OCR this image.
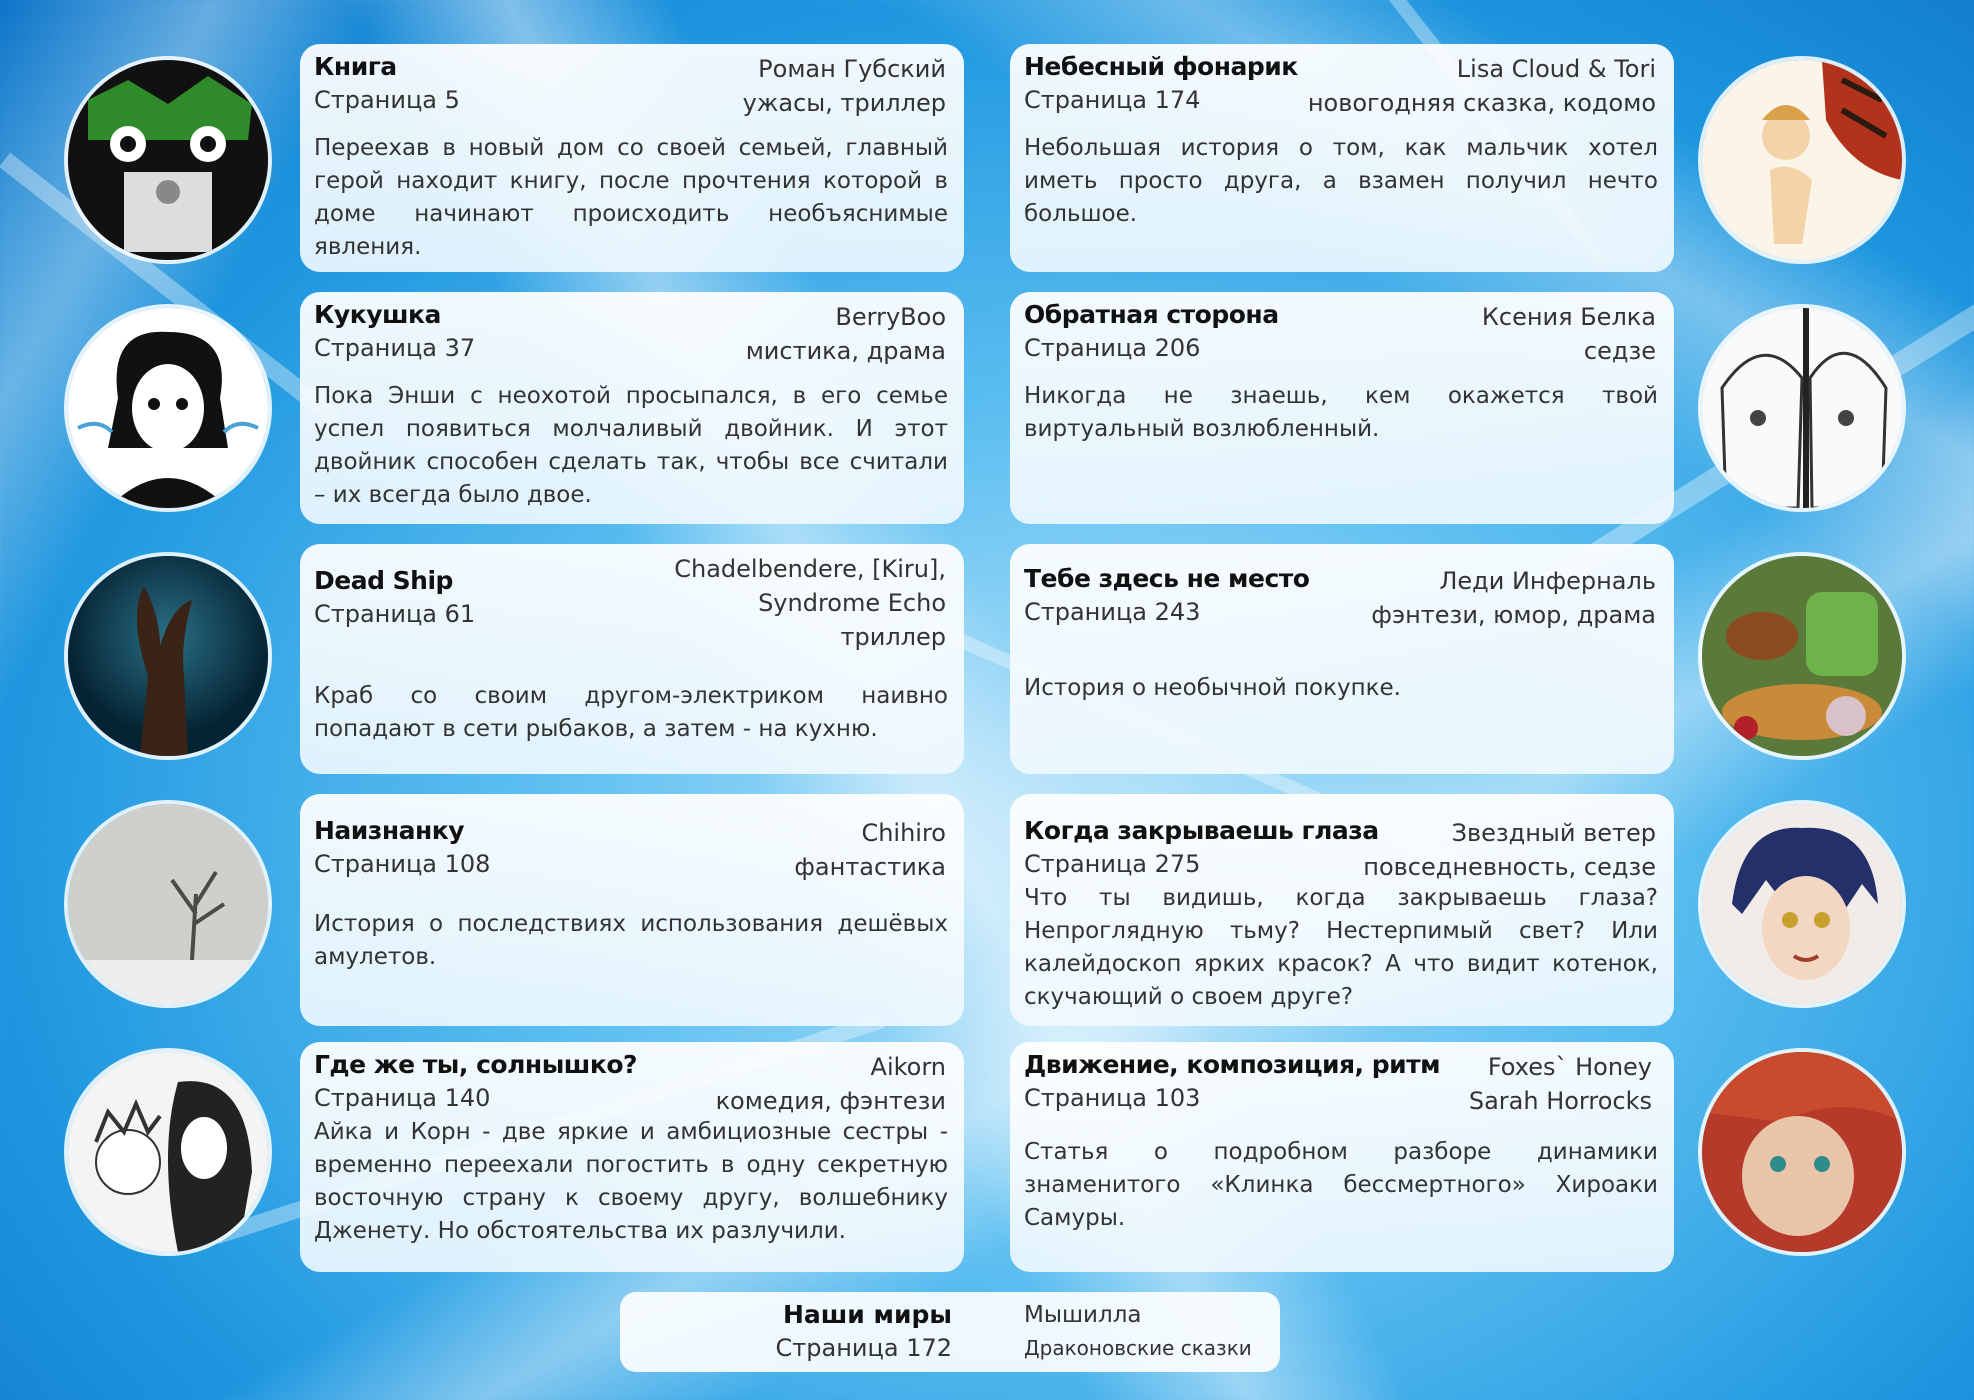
Книга
Страница 5
Роман Губский
ужасы, триллер
Переехав в новый дом со своей семьей, главный герой находит книгу, после прочтения которой в доме начинают происходить необъяснимые явления.
Кукушка
Страница 37
BerryBoo
мистика, драма
Пока Энши с неохотой просыпался, в его семье успел появиться молчаливый двойник. И этот двойник способен сделать так, чтобы все считали – их всегда было двое.
Dead Ship
Страница 61
Chadelbendere, [Kiru],
Syndrome Echo
триллер
Краб со своим другом-электриком наивно попадают в сети рыбаков, а затем - на кухню.
Наизнанку
Страница 108
Chihiro
фантастика
История о последствиях использования дешёвых амулетов.
Где же ты, солнышко?
Страница 140
Aikorn
комедия, фэнтези
Айка и Корн - две яркие и амбициозные сестры - временно переехали погостить в одну секретную восточную страну к своему другу, волшебнику Дженету. Но обстоятельства их разлучили.
Небесный фонарик
Страница 174
Lisa Cloud & Tori
новогодняя сказка, кодомо
Небольшая история о том, как мальчик хотел иметь просто друга, а взамен получил нечто большое.
Обратная сторона
Страница 206
Ксения Белка
седзе
Никогда не знаешь, кем окажется твой виртуальный возлюбленный.
Тебе здесь не место
Страница 243
Леди Инферналь
фэнтези, юмор, драма
История о необычной покупке.
Когда закрываешь глаза
Страница 275
Звездный ветер
повседневность, седзе
Что ты видишь, когда закрываешь глаза? Непроглядную тьму? Нестерпимый свет? Или калейдоскоп ярких красок? А что видит котенок, скучающий о своем друге?
Движение, композиция, ритм
Страница 103
Foxes` Honey
Sarah Horrocks
Статья о подробном разборе динамики знаменитого «Клинка бессмертного» Хироаки Самуры.
Наши миры
Страница 172
Мышилла
Драконовские сказки
